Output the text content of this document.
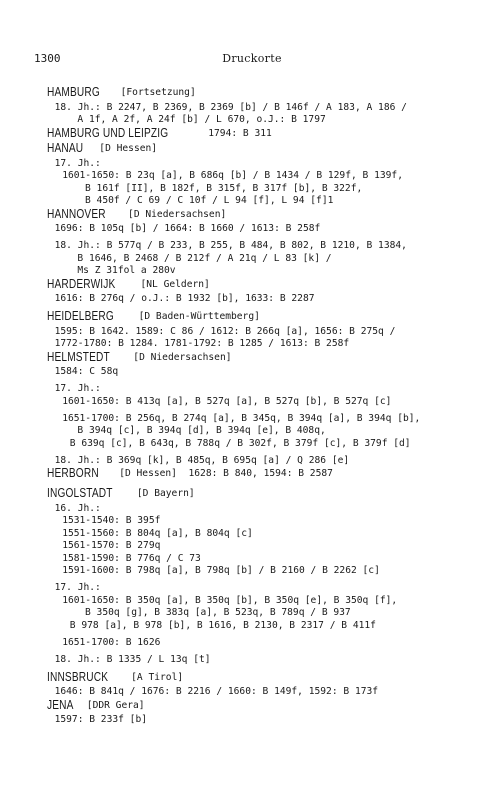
1300	Druckorte
HAMBURG [Fortsetzung]
18. Jh.: B 2247, B 2369, B 2369 [b] / B 146f / A 183, A 186 /
A 1f, A 2f, A 24f [b] / L 670, o.J.: B 1797
HAMBURG UND LEIPZIG	1794: B 311
HANAU [D Hessen]
17. Jh.:
1601-1650: B 23q [a], B 686q [b] / B 1434 / B 129f, B 139f,
B 161f [II], B 182f, B 315f, B 317f [b], B 322f,
B 450f / C 69 / C 10f / L 94 [f], L 94 [f]1
HANNOVER [D Niedersachsen]
1696: B 105q [b] / 1664: B 1660 / 1613: B 258f
18. Jh.: B 577q / B 233, B 255, B 484, B 802, B 1210, B 1384,
B 1646, B 2468 / B 212f / A 21q / L 83 [k] /
Ms Z 31fol a 280v
HARDERWIJK [NL Geldern]
1616: B 276q / o.J.: B 1932 [b], 1633: B 2287
HEIDELBERG [D Baden-Württemberg]
1595: B 1642. 1589: C 86 / 1612: B 266q [a], 1656: B 275q /
1772-1780: B 1284. 1781-1792: B 1285 / 1613: B 258f
HELMSTEDT [D Niedersachsen]
1584: C 58q
17. Jh.:
1601-1650: B 413q [a], B 527q [a], B 527q [b], B 527q [c]
1651-1700: B 256q, B 274q [a], B 345q, B 394q [a], B 394q [b],
B 394q [c], B 394q [d], B 394q [e], B 408q,
B 639q [c], B 643q, B 788q / B 302f, B 379f [c], B 379f [d]
18. Jh.: B 369q [k], B 485q, B 695q [a] / Q 286 [e]
HERBORN [D Hessen]  1628: B 840, 1594: B 2587
INGOLSTADT [D Bayern]
16. Jh.:
1531-1540: B 395f
1551-1560: B 804q [a], B 804q [c]
1561-1570: B 279q
1581-1590: B 776q / C 73
1591-1600: B 798q [a], B 798q [b] / B 2160 / B 2262 [c]
17. Jh.:
1601-1650: B 350q [a], B 350q [b], B 350q [e], B 350q [f],
B 350q [g], B 383q [a], B 523q, B 789q / B 937
B 978 [a], B 978 [b], B 1616, B 2130, B 2317 / B 411f
1651-1700: B 1626
18. Jh.: B 1335 / L 13q [t]
INNSBRUCK [A Tirol]
1646: B 841q / 1676: B 2216 / 1660: B 149f, 1592: B 173f
JENA [DDR Gera]
1597: B 233f [b]
